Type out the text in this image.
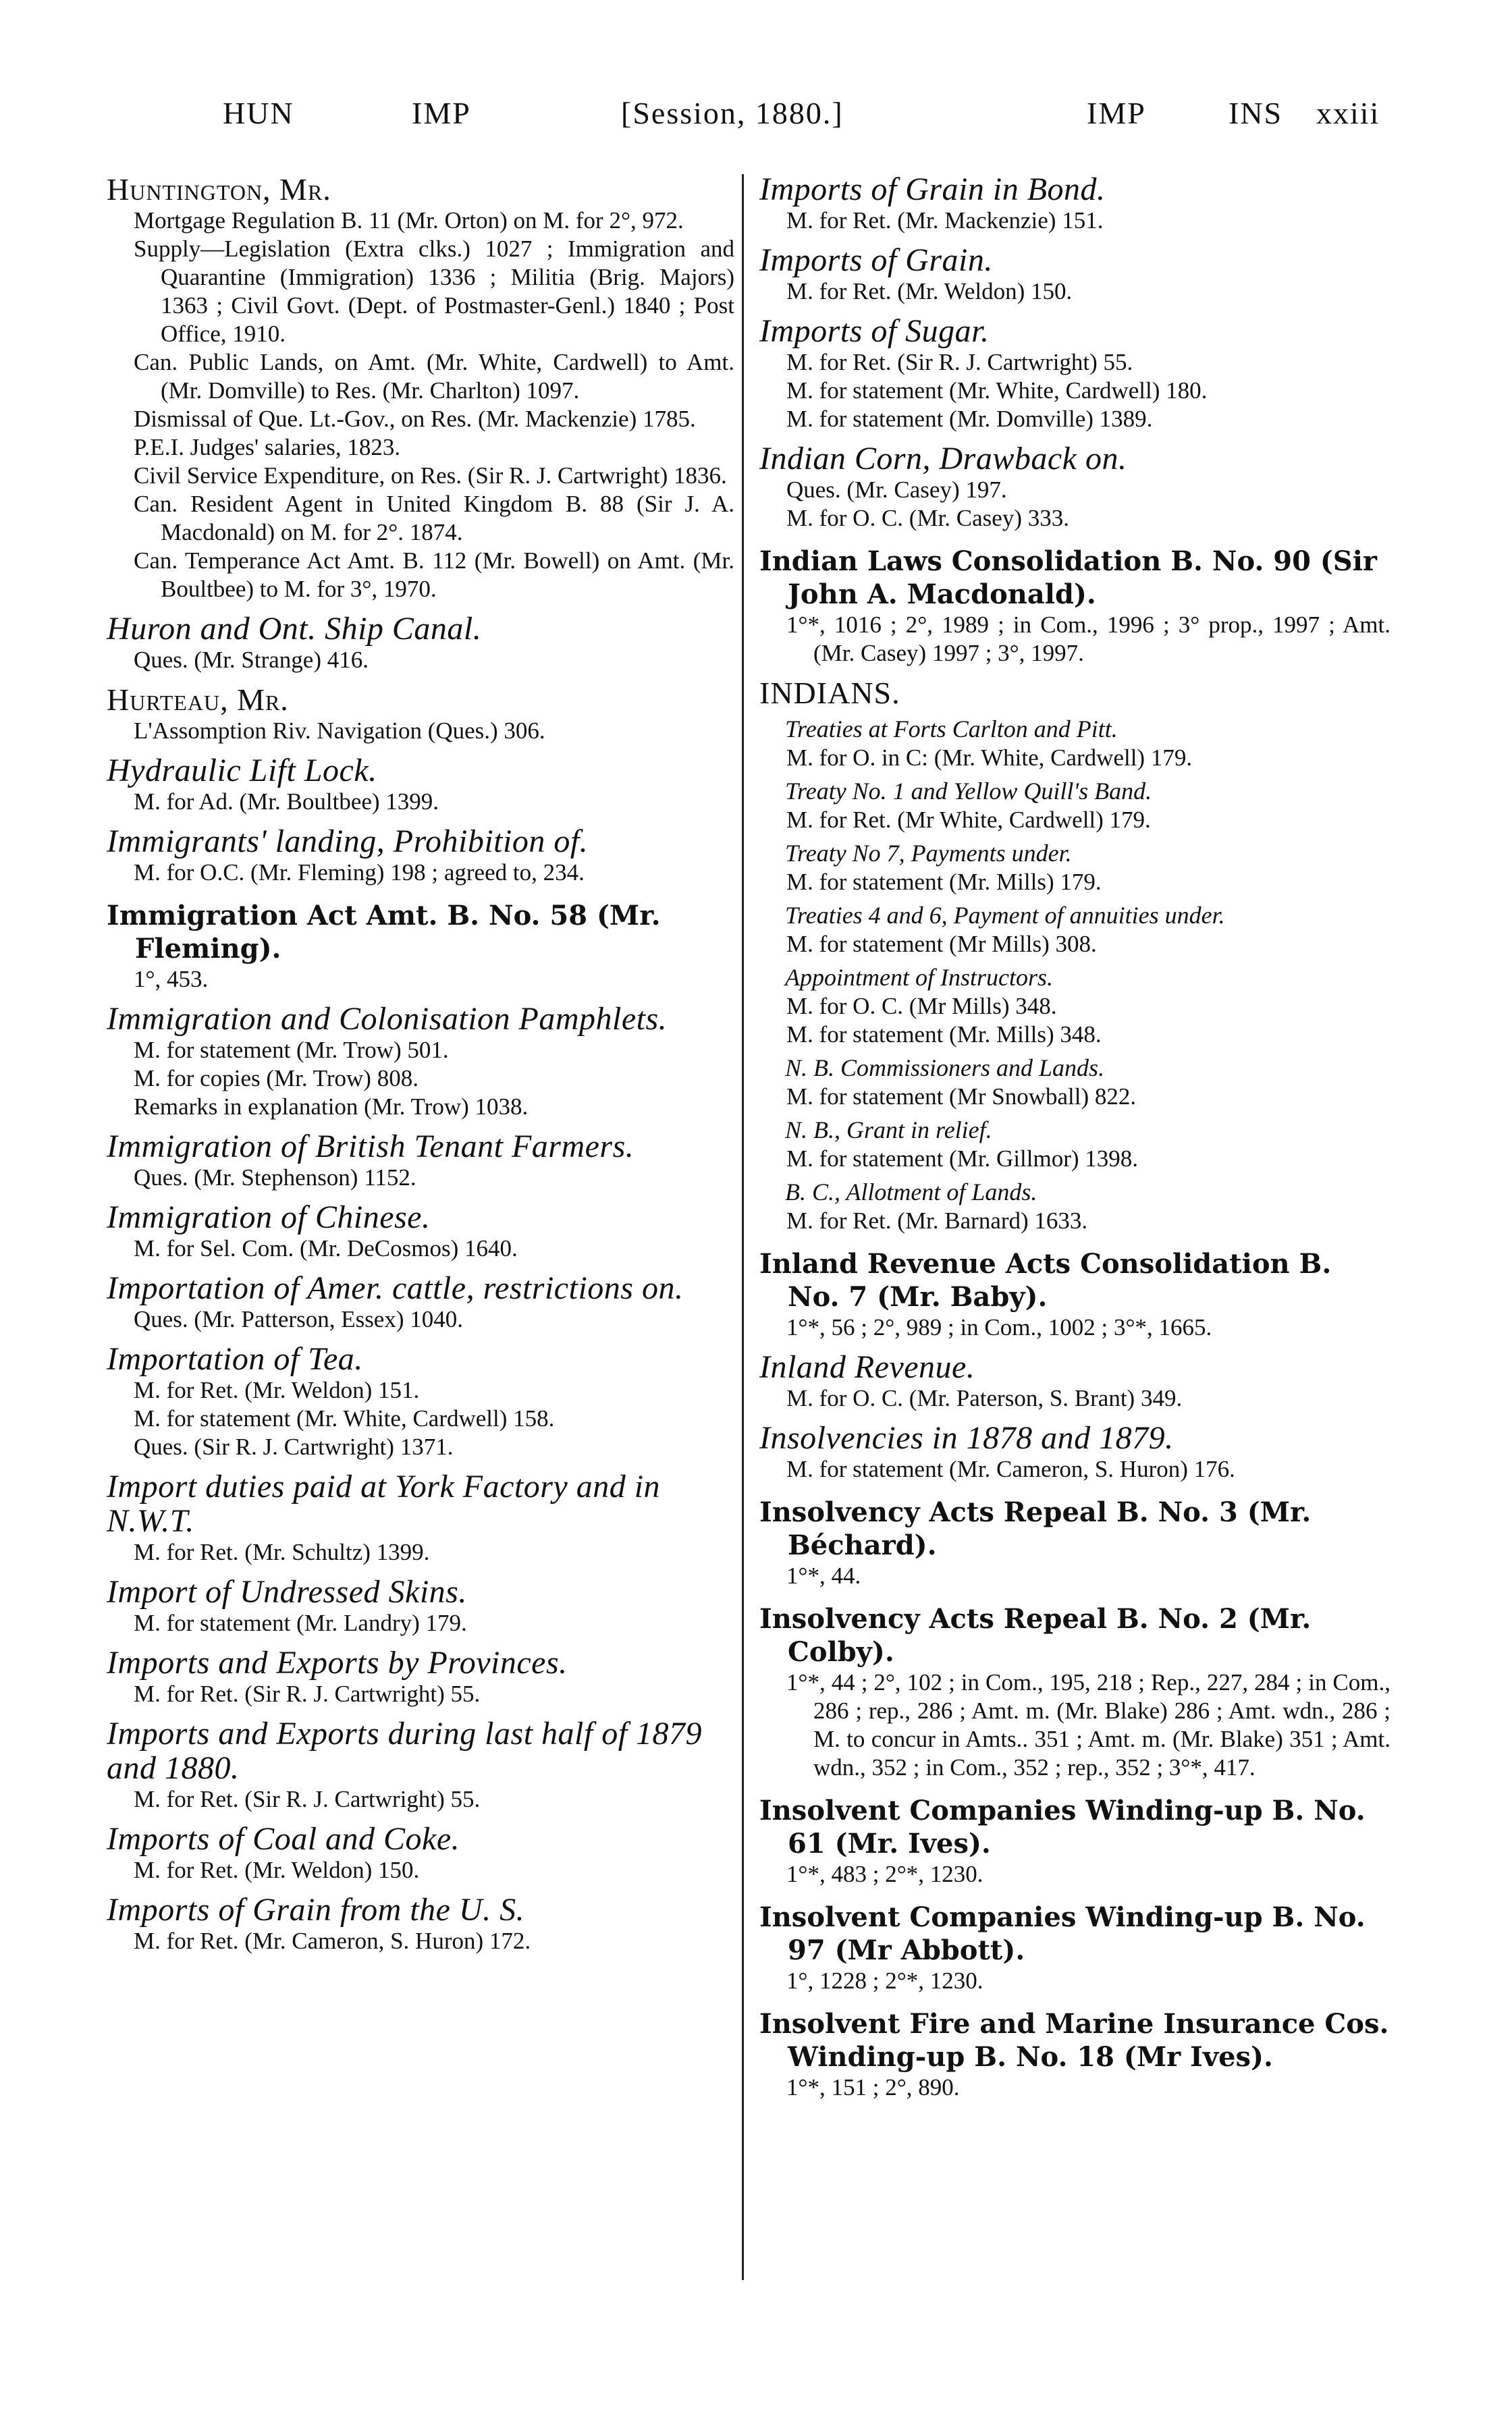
HUN	IMP	[Session, 1880.]	IMP	INS xxiii
Huntington, Mr.
Mortgage Regulation B. 11 (Mr. Orton) on M. for 2°, 972.
Supply—Legislation (Extra clks.) 1027 ; Immigration and Quarantine (Immigration) 1336 ; Militia (Brig. Majors) 1363 ; Civil Govt. (Dept. of Postmaster-Genl.) 1840 ; Post Office, 1910.
Can. Public Lands, on Amt. (Mr. White, Cardwell) to Amt. (Mr. Domville) to Res. (Mr. Charlton) 1097.
Dismissal of Que. Lt.-Gov., on Res. (Mr. Mackenzie) 1785.
P.E.I. Judges' salaries, 1823.
Civil Service Expenditure, on Res. (Sir R. J. Cartwright) 1836.
Can. Resident Agent in United Kingdom B. 88 (Sir J. A. Macdonald) on M. for 2°. 1874.
Can. Temperance Act Amt. B. 112 (Mr. Bowell) on Amt. (Mr. Boultbee) to M. for 3°, 1970.
Huron and Ont. Ship Canal.
Ques. (Mr. Strange) 416.
Hurteau, Mr.
L'Assomption Riv. Navigation (Ques.) 306.
Hydraulic Lift Lock.
M. for Ad. (Mr. Boultbee) 1399.
Immigrants' landing, Prohibition of.
M. for O.C. (Mr. Fleming) 198 ; agreed to, 234.
Immigration Act Amt. B. No. 58 (Mr. Fleming).
1°, 453.
Immigration and Colonisation Pamphlets.
M. for statement (Mr. Trow) 501.
M. for copies (Mr. Trow) 808.
Remarks in explanation (Mr. Trow) 1038.
Immigration of British Tenant Farmers.
Ques. (Mr. Stephenson) 1152.
Immigration of Chinese.
M. for Sel. Com. (Mr. DeCosmos) 1640.
Importation of Amer. cattle, restrictions on.
Ques. (Mr. Patterson, Essex) 1040.
Importation of Tea.
M. for Ret. (Mr. Weldon) 151.
M. for statement (Mr. White, Cardwell) 158.
Ques. (Sir R. J. Cartwright) 1371.
Import duties paid at York Factory and in N.W.T.
M. for Ret. (Mr. Schultz) 1399.
Import of Undressed Skins.
M. for statement (Mr. Landry) 179.
Imports and Exports by Provinces.
M. for Ret. (Sir R. J. Cartwright) 55.
Imports and Exports during last half of 1879 and 1880.
M. for Ret. (Sir R. J. Cartwright) 55.
Imports of Coal and Coke.
M. for Ret. (Mr. Weldon) 150.
Imports of Grain from the U. S.
M. for Ret. (Mr. Cameron, S. Huron) 172.
Imports of Grain in Bond.
M. for Ret. (Mr. Mackenzie) 151.
Imports of Grain.
M. for Ret. (Mr. Weldon) 150.
Imports of Sugar.
M. for Ret. (Sir R. J. Cartwright) 55.
M. for statement (Mr. White, Cardwell) 180.
M. for statement (Mr. Domville) 1389.
Indian Corn, Drawback on.
Ques. (Mr. Casey) 197.
M. for O. C. (Mr. Casey) 333.
Indian Laws Consolidation B. No. 90 (Sir John A. Macdonald).
1°*, 1016 ; 2°, 1989 ; in Com., 1996 ; 3° prop., 1997 ; Amt. (Mr. Casey) 1997 ; 3°, 1997.
INDIANS.
Treaties at Forts Carlton and Pitt.
M. for O. in C: (Mr. White, Cardwell) 179.
Treaty No. 1 and Yellow Quill's Band.
M. for Ret. (Mr White, Cardwell) 179.
Treaty No 7, Payments under.
M. for statement (Mr. Mills) 179.
Treaties 4 and 6, Payment of annuities under.
M. for statement (Mr Mills) 308.
Appointment of Instructors.
M. for O. C. (Mr Mills) 348.
M. for statement (Mr. Mills) 348.
N. B. Commissioners and Lands.
M. for statement (Mr Snowball) 822.
N. B., Grant in relief.
M. for statement (Mr. Gillmor) 1398.
B. C., Allotment of Lands.
M. for Ret. (Mr. Barnard) 1633.
Inland Revenue Acts Consolidation B. No. 7 (Mr. Baby).
1°*, 56 ; 2°, 989 ; in Com., 1002 ; 3°*, 1665.
Inland Revenue.
M. for O. C. (Mr. Paterson, S. Brant) 349.
Insolvencies in 1878 and 1879.
M. for statement (Mr. Cameron, S. Huron) 176.
Insolvency Acts Repeal B. No. 3 (Mr. Béchard).
1°*, 44.
Insolvency Acts Repeal B. No. 2 (Mr. Colby).
1°*, 44 ; 2°, 102 ; in Com., 195, 218 ; Rep., 227, 284 ; in Com., 286 ; rep., 286 ; Amt. m. (Mr. Blake) 286 ; Amt. wdn., 286 ; M. to concur in Amts.. 351 ; Amt. m. (Mr. Blake) 351 ; Amt. wdn., 352 ; in Com., 352 ; rep., 352 ; 3°*, 417.
Insolvent Companies Winding-up B. No. 61 (Mr. Ives).
1°*, 483 ; 2°*, 1230.
Insolvent Companies Winding-up B. No. 97 (Mr Abbott).
1°, 1228 ; 2°*, 1230.
Insolvent Fire and Marine Insurance Cos. Winding-up B. No. 18 (Mr Ives).
1°*, 151 ; 2°, 890.
